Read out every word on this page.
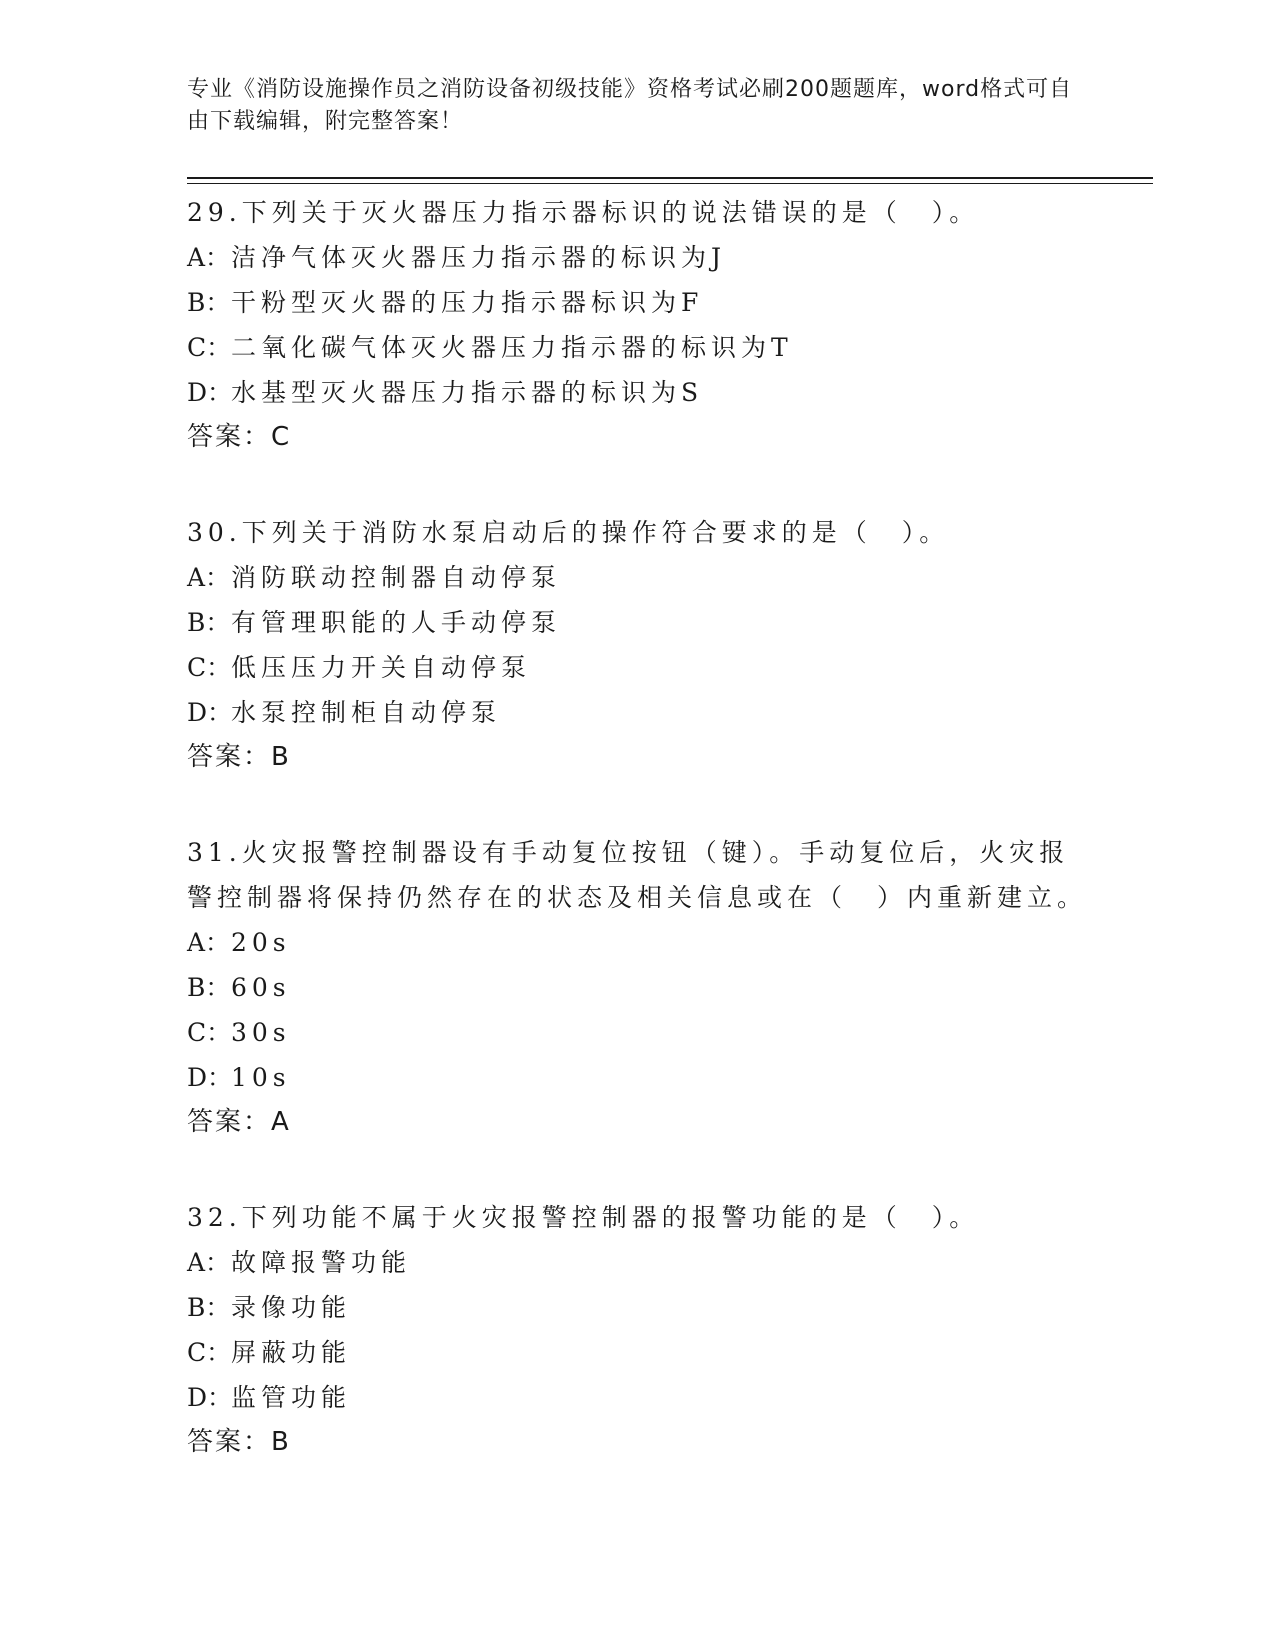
专业《消防设施操作员之消防设备初级技能》资格考试必刷200题题库，word格式可自由下载编辑，附完整答案！

29.下列关于灭火器压力指示器标识的说法错误的是（　）。

A：洁净气体灭火器压力指示器的标识为J

B：干粉型灭火器的压力指示器标识为F

C：二氧化碳气体灭火器压力指示器的标识为T

D：水基型灭火器压力指示器的标识为S

答案：C

30.下列关于消防水泵启动后的操作符合要求的是（　）。

A：消防联动控制器自动停泵

B：有管理职能的人手动停泵

C：低压压力开关自动停泵

D：水泵控制柜自动停泵

答案：B

31.火灾报警控制器设有手动复位按钮（键）。手动复位后，火灾报警控制器将保持仍然存在的状态及相关信息或在（　）内重新建立。

A：20s

B：60s

C：30s

D：10s

答案：A

32.下列功能不属于火灾报警控制器的报警功能的是（　）。

A：故障报警功能

B：录像功能

C：屏蔽功能

D：监管功能

答案：B
